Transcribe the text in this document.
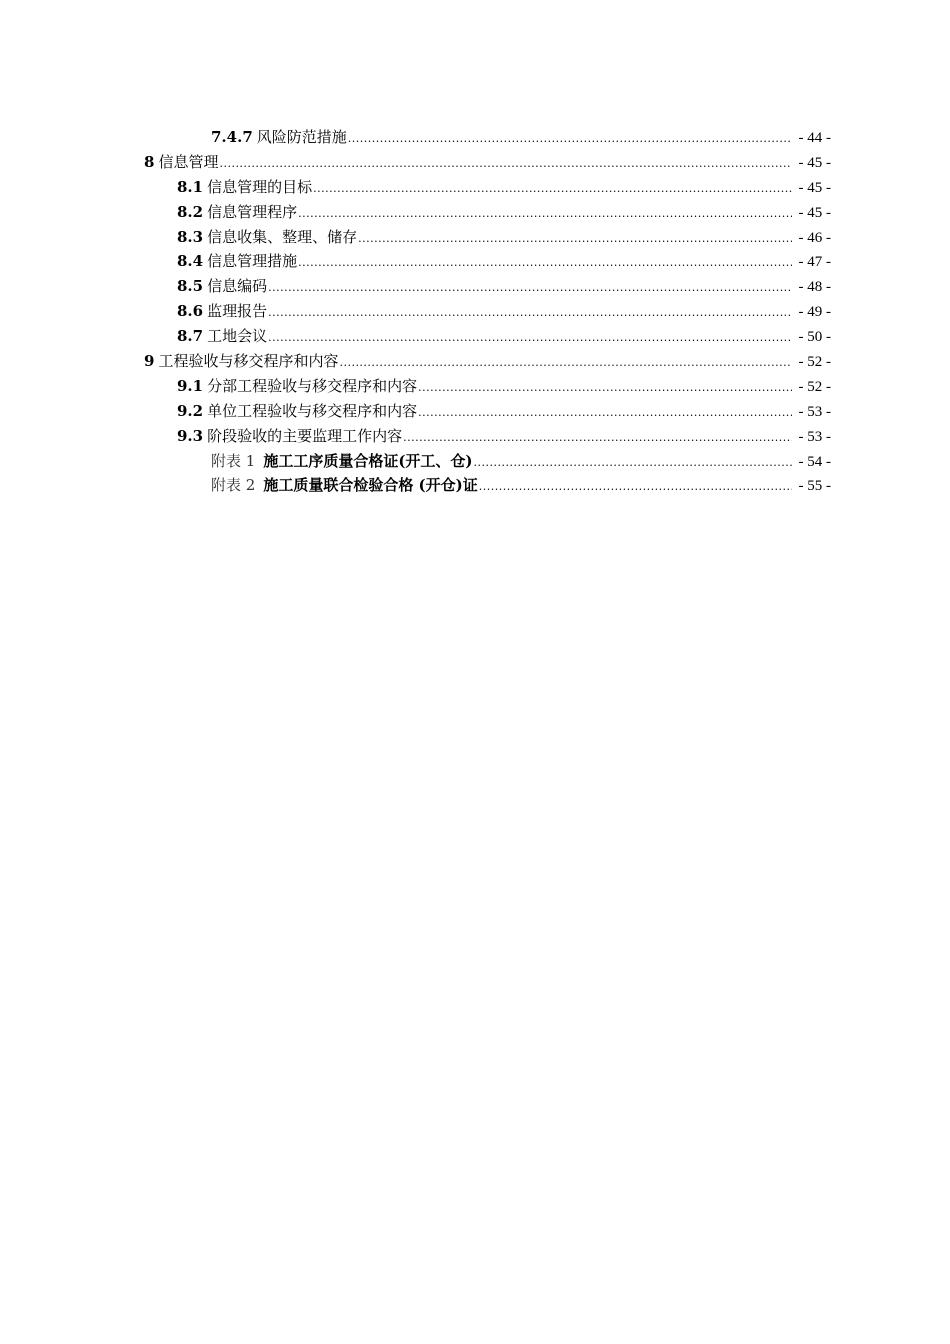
7.4.7 风险防范措施 .....	- 44 -
8 信息管理 .....	- 45 -
8.1 信息管理的目标 .....	- 45 -
8.2 信息管理程序 .....	- 45 -
8.3 信息收集、整理、储存 .....	- 46 -
8.4 信息管理措施 .....	- 47 -
8.5 信息编码 .....	- 48 -
8.6 监理报告 .....	- 49 -
8.7 工地会议 .....	- 50 -
9 工程验收与移交程序和内容 .....	- 52 -
9.1 分部工程验收与移交程序和内容 .....	- 52 -
9.2 单位工程验收与移交程序和内容 .....	- 53 -
9.3 阶段验收的主要监理工作内容 .....	- 53 -
附表 1 施工工序质量合格证(开工、仓) .....	- 54 -
附表 2 施工质量联合检验合格 (开仓)证 .....	- 55 -
